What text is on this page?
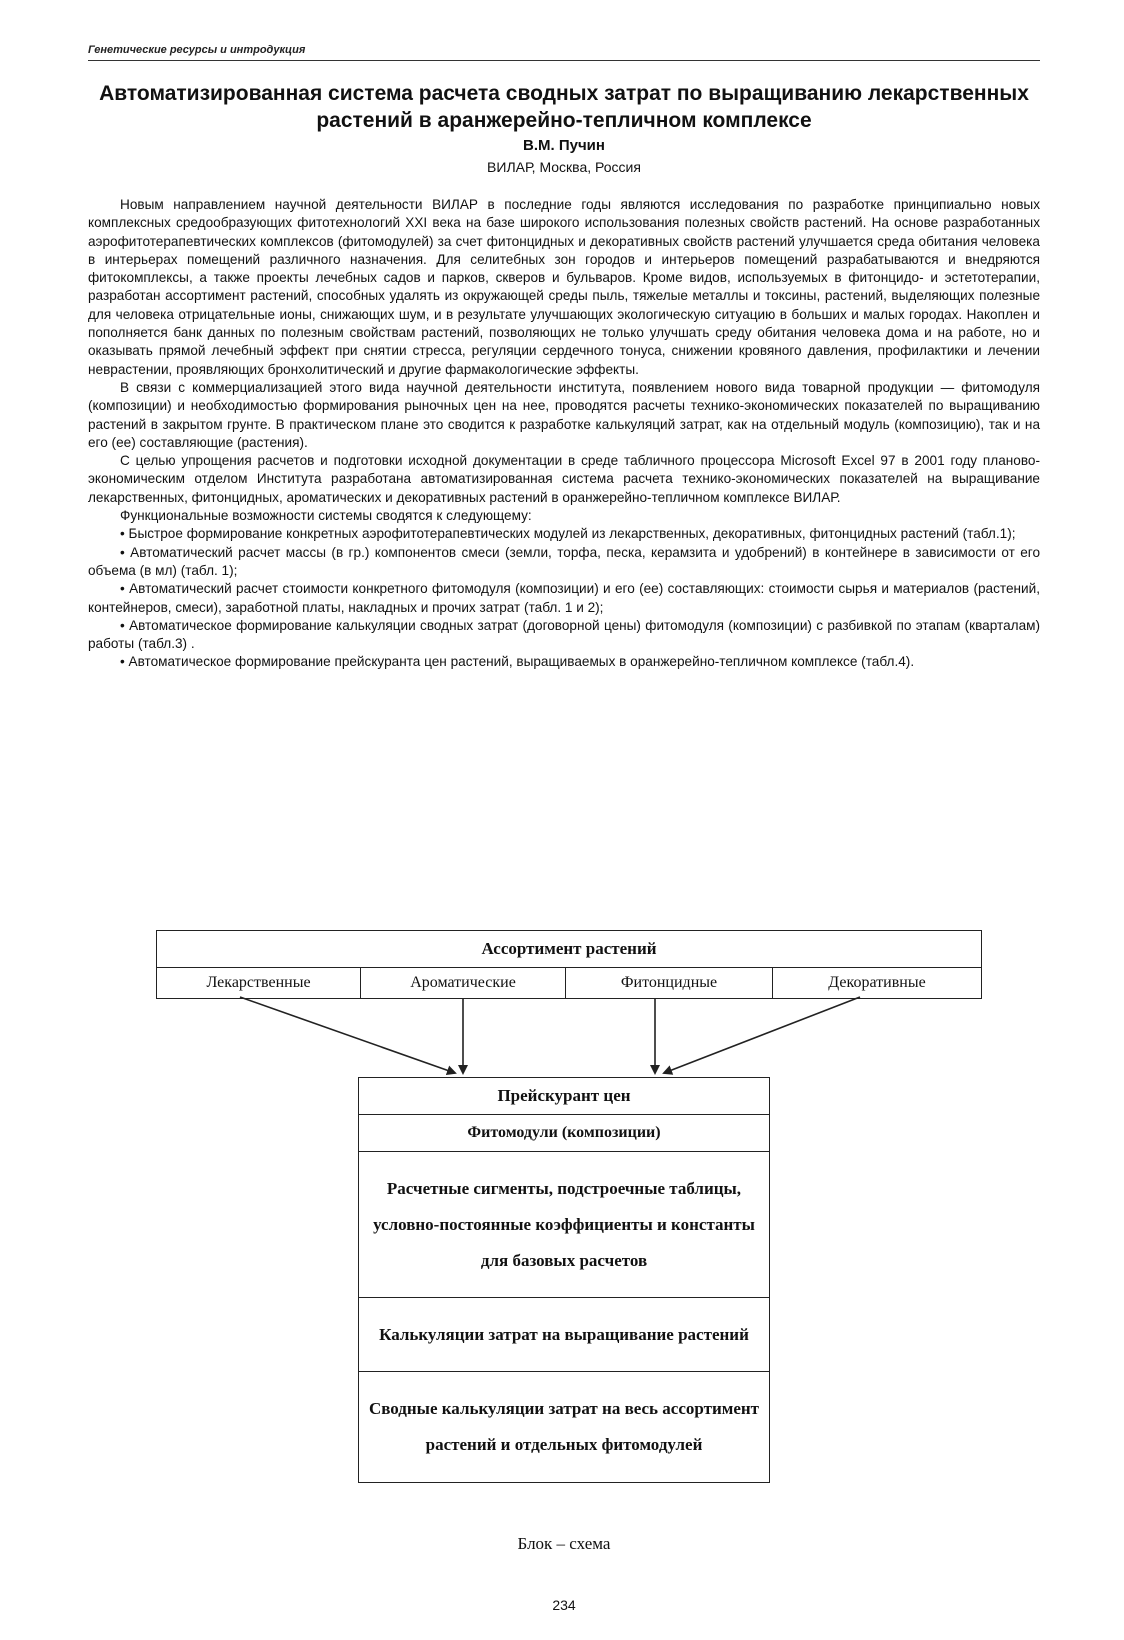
Генетические ресурсы и интродукция
Автоматизированная система расчета сводных затрат по выращиванию лекарственных растений в аранжерейно-тепличном комплексе
В.М. Пучин
ВИЛАР, Москва, Россия

Новым направлением научной деятельности ВИЛАР в последние годы являются исследования по разработке принципиально новых комплексных средообразующих фитотехнологий XXI века на базе широкого использования полезных свойств растений. На основе разработанных аэрофитотерапевтических комплексов (фитомодулей) за счет фитонцидных и декоративных свойств растений улучшается среда обитания человека в интерьерах помещений различного назначения. Для селитебных зон городов и интерьеров помещений разрабатываются и внедряются фитокомплексы, а также проекты лечебных садов и парков, скверов и бульваров. Кроме видов, используемых в фитонцидо- и эстетотерапии, разработан ассортимент растений, способных удалять из окружающей среды пыль, тяжелые металлы и токсины, растений, выделяющих полезные для человека отрицательные ионы, снижающих шум, и в результате улучшающих экологическую ситуацию в больших и малых городах. Накоплен и пополняется банк данных по полезным свойствам растений, позволяющих не только улучшать среду обитания человека дома и на работе, но и оказывать прямой лечебный эффект при снятии стресса, регуляции сердечного тонуса, снижении кровяного давления, профилактики и лечении неврастении, проявляющих бронхолитический и другие фармакологические эффекты.

В связи с коммерциализацией этого вида научной деятельности института, появлением нового вида товарной продукции — фитомодуля (композиции) и необходимостью формирования рыночных цен на нее, проводятся расчеты технико-экономических показателей по выращиванию растений в закрытом грунте. В практическом плане это сводится к разработке калькуляций затрат, как на отдельный модуль (композицию), так и на его (ее) составляющие (растения).

С целью упрощения расчетов и подготовки исходной документации в среде табличного процессора Microsoft Excel 97 в 2001 году планово-экономическим отделом Института разработана автоматизированная система расчета технико-экономических показателей на выращивание лекарственных, фитонцидных, ароматических и декоративных растений в оранжерейно-тепличном комплексе ВИЛАР.

Функциональные возможности системы сводятся к следующему:

• Быстрое формирование конкретных аэрофитотерапевтических модулей из лекарственных, декоративных, фитонцидных растений (табл.1);

• Автоматический расчет массы (в гр.) компонентов смеси (земли, торфа, песка, керамзита и удобрений) в контейнере в зависимости от его объема (в мл) (табл. 1);

• Автоматический расчет стоимости конкретного фитомодуля (композиции) и его (ее) составляющих: стоимости сырья и материалов (растений, контейнеров, смеси), заработной платы, накладных и прочих затрат (табл. 1 и 2);

• Автоматическое формирование калькуляции сводных затрат (договорной цены) фитомодуля (композиции) с разбивкой по этапам (кварталам) работы (табл.3) .

• Автоматическое формирование прейскуранта цен растений, выращиваемых в оранжерейно-тепличном комплексе (табл.4).

Ассортимент растений
Лекарственные	Ароматические	Фитонцидные	Декоративные
Прейскурант цен
Фитомодули (композиции)
Расчетные сигменты, подстроечные таблицы, условно-постоянные коэффициенты и константы для базовых расчетов
Калькуляции затрат на выращивание растений
Сводные калькуляции затрат на весь ассортимент растений и отдельных фитомодулей
Блок – схема
234
